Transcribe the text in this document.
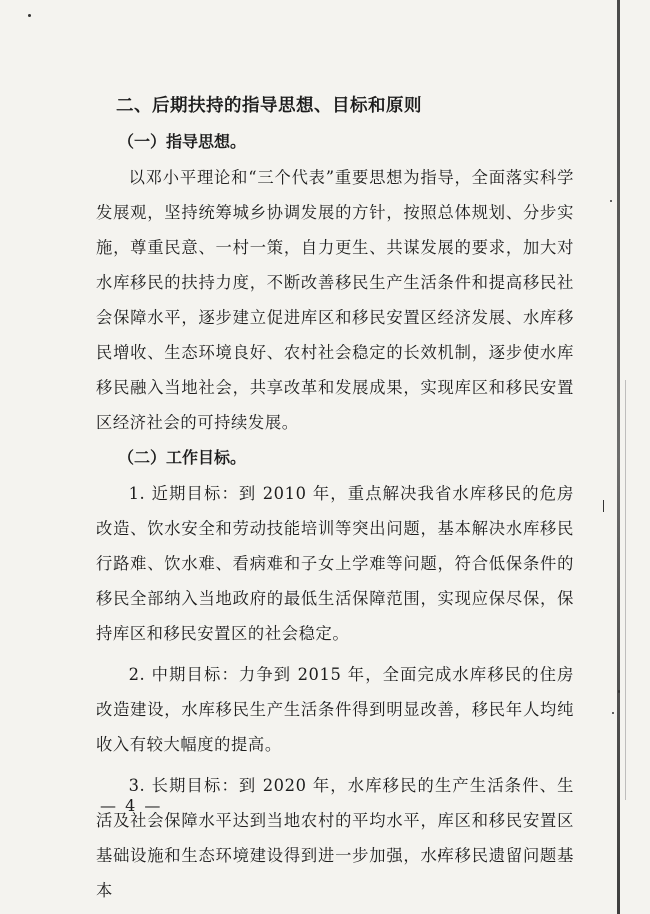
二、后期扶持的指导思想、目标和原则
（一）指导思想。

以邓小平理论和“三个代表”重要思想为指导，全面落实科学发展观，坚持统筹城乡协调发展的方针，按照总体规划、分步实施，尊重民意、一村一策，自力更生、共谋发展的要求，加大对水库移民的扶持力度，不断改善移民生产生活条件和提高移民社会保障水平，逐步建立促进库区和移民安置区经济发展、水库移民增收、生态环境良好、农村社会稳定的长效机制，逐步使水库移民融入当地社会，共享改革和发展成果，实现库区和移民安置区经济社会的可持续发展。

（二）工作目标。

1. 近期目标：到 2010 年，重点解决我省水库移民的危房改造、饮水安全和劳动技能培训等突出问题，基本解决水库移民行路难、饮水难、看病难和子女上学难等问题，符合低保条件的移民全部纳入当地政府的最低生活保障范围，实现应保尽保，保持库区和移民安置区的社会稳定。

2. 中期目标：力争到 2015 年，全面完成水库移民的住房改造建设，水库移民生产生活条件得到明显改善，移民年人均纯收入有较大幅度的提高。

3. 长期目标：到 2020 年，水库移民的生产生活条件、生活及社会保障水平达到当地农村的平均水平，库区和移民安置区基础设施和生态环境建设得到进一步加强，水库移民遗留问题基本

— 4 —
